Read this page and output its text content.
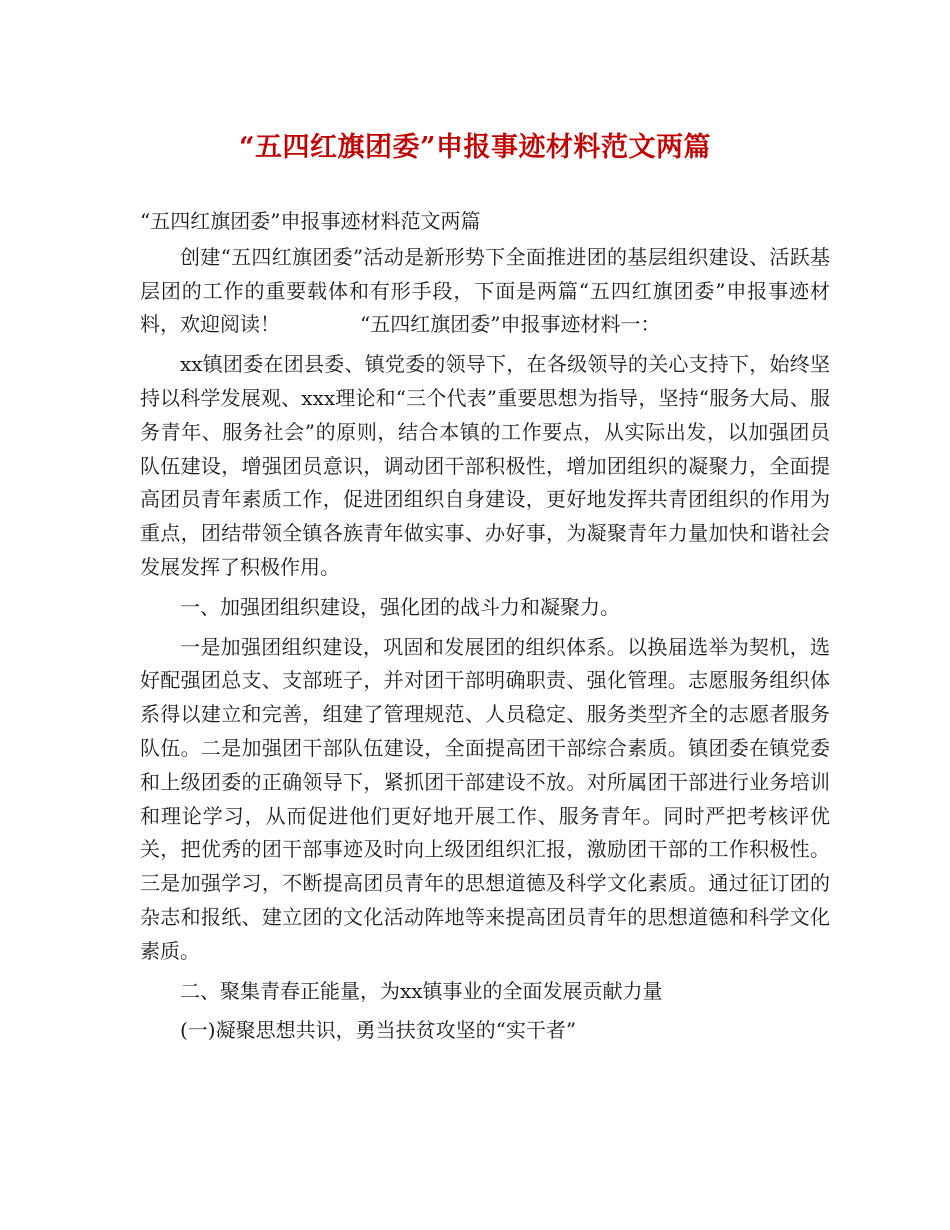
“五四红旗团委”申报事迹材料范文两篇

“五四红旗团委”申报事迹材料范文两篇

创建“五四红旗团委”活动是新形势下全面推进团的基层组织建设、活跃基层团的工作的重要载体和有形手段，下面是两篇“五四红旗团委”申报事迹材料，欢迎阅读！　　　　“五四红旗团委”申报事迹材料一：

xx镇团委在团县委、镇党委的领导下，在各级领导的关心支持下，始终坚持以科学发展观、xxx理论和“三个代表”重要思想为指导，坚持“服务大局、服务青年、服务社会”的原则，结合本镇的工作要点，从实际出发，以加强团员队伍建设，增强团员意识，调动团干部积极性，增加团组织的凝聚力，全面提高团员青年素质工作，促进团组织自身建设，更好地发挥共青团组织的作用为重点，团结带领全镇各族青年做实事、办好事，为凝聚青年力量加快和谐社会发展发挥了积极作用。

一、加强团组织建设，强化团的战斗力和凝聚力。

一是加强团组织建设，巩固和发展团的组织体系。以换届选举为契机，选好配强团总支、支部班子，并对团干部明确职责、强化管理。志愿服务组织体系得以建立和完善，组建了管理规范、人员稳定、服务类型齐全的志愿者服务队伍。二是加强团干部队伍建设，全面提高团干部综合素质。镇团委在镇党委和上级团委的正确领导下，紧抓团干部建设不放。对所属团干部进行业务培训和理论学习，从而促进他们更好地开展工作、服务青年。同时严把考核评优关，把优秀的团干部事迹及时向上级团组织汇报，激励团干部的工作积极性。三是加强学习，不断提高团员青年的思想道德及科学文化素质。通过征订团的杂志和报纸、建立团的文化活动阵地等来提高团员青年的思想道德和科学文化素质。

二、聚集青春正能量，为xx镇事业的全面发展贡献力量

(一)凝聚思想共识，勇当扶贫攻坚的“实干者”
